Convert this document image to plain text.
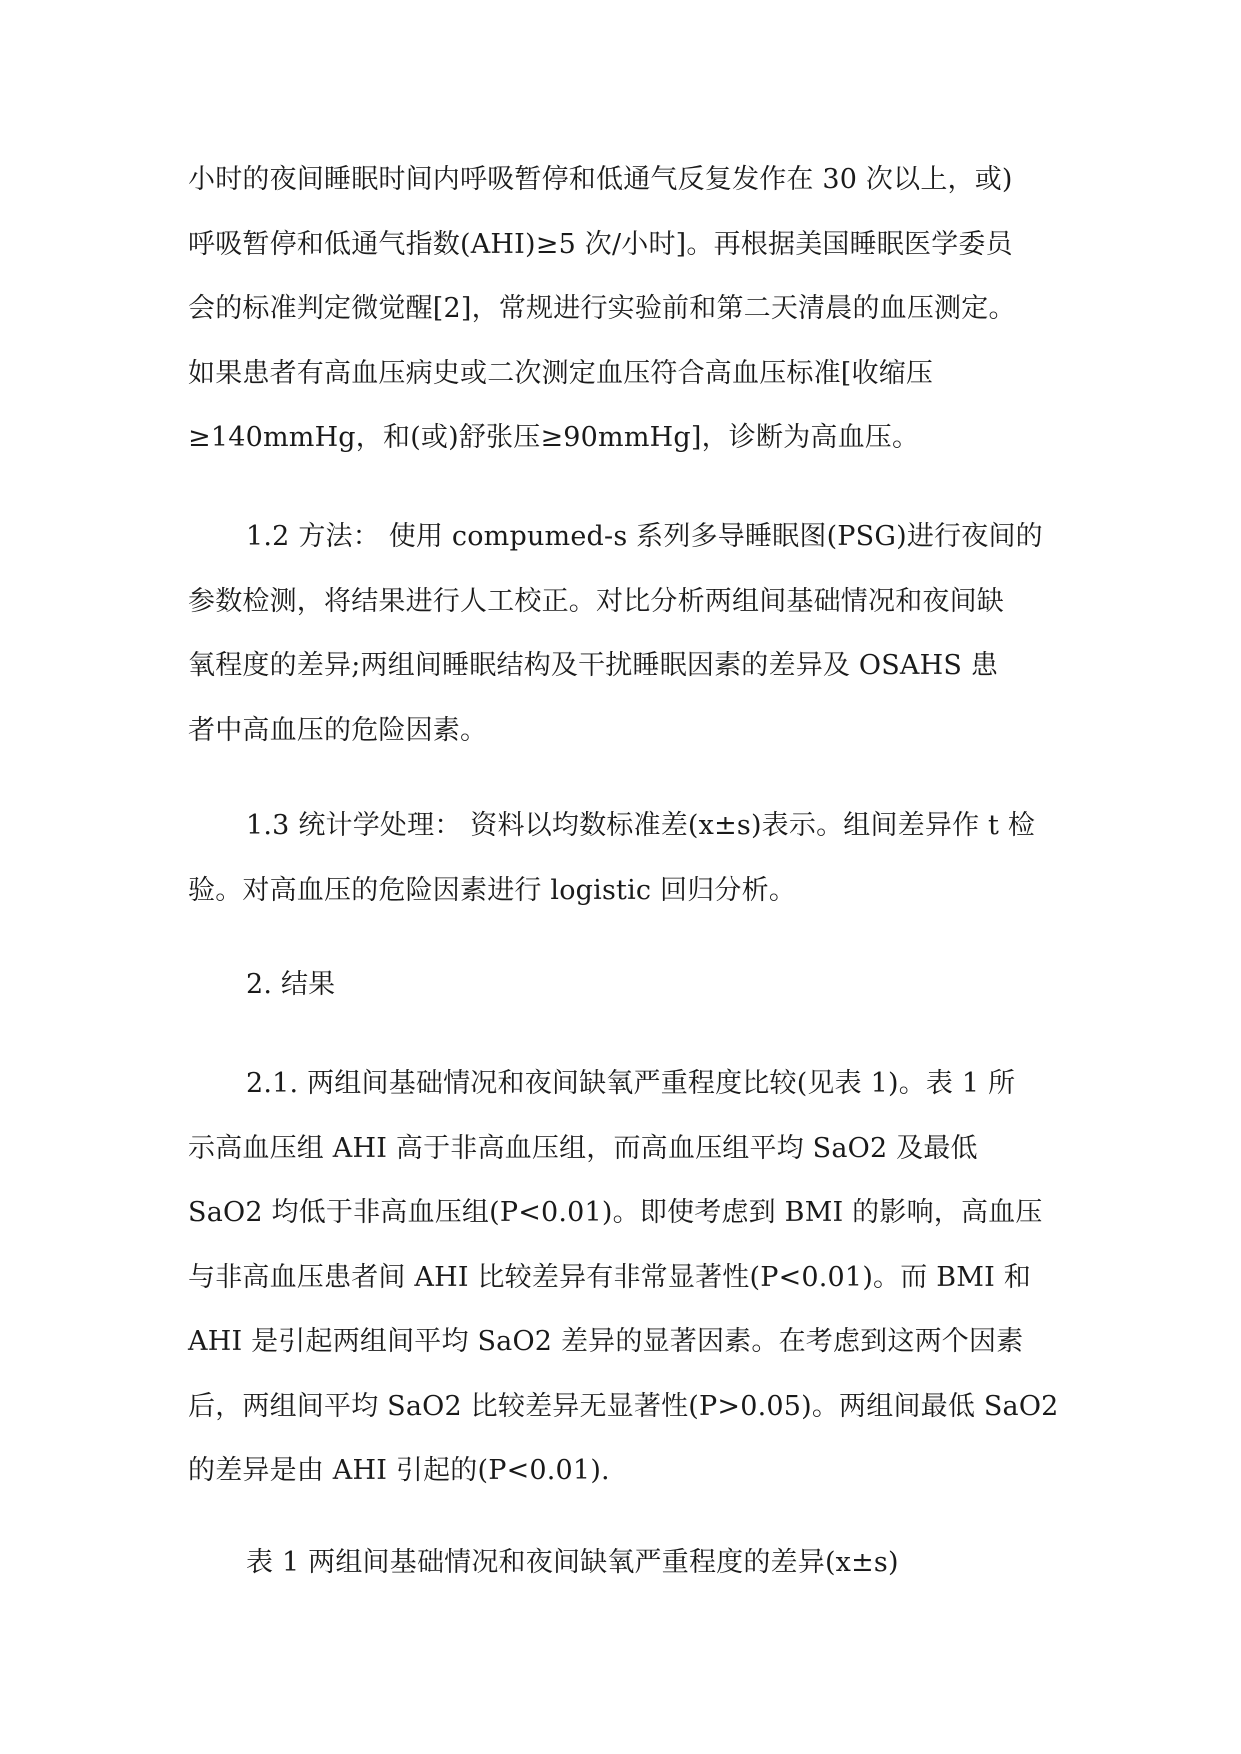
小时的夜间睡眠时间内呼吸暂停和低通气反复发作在 30 次以上，或)
呼吸暂停和低通气指数(AHI)≥5 次/小时]。再根据美国睡眠医学委员
会的标准判定微觉醒[2]，常规进行实验前和第二天清晨的血压测定。
如果患者有高血压病史或二次测定血压符合高血压标准[收缩压
≥140mmHg，和(或)舒张压≥90mmHg]，诊断为高血压。

1.2 方法： 使用 compumed-s 系列多导睡眠图(PSG)进行夜间的
参数检测，将结果进行人工校正。对比分析两组间基础情况和夜间缺
氧程度的差异;两组间睡眠结构及干扰睡眠因素的差异及 OSAHS 患
者中高血压的危险因素。

1.3 统计学处理： 资料以均数标准差(x±s)表示。组间差异作 t 检
验。对高血压的危险因素进行 logistic 回归分析。

2. 结果

2.1. 两组间基础情况和夜间缺氧严重程度比较(见表 1)。表 1 所
示高血压组 AHI 高于非高血压组，而高血压组平均 SaO2 及最低
SaO2 均低于非高血压组(P<0.01)。即使考虑到 BMI 的影响，高血压
与非高血压患者间 AHI 比较差异有非常显著性(P<0.01)。而 BMI 和
AHI 是引起两组间平均 SaO2 差异的显著因素。在考虑到这两个因素
后，两组间平均 SaO2 比较差异无显著性(P>0.05)。两组间最低 SaO2
的差异是由 AHI 引起的(P<0.01).

表 1 两组间基础情况和夜间缺氧严重程度的差异(x±s)
